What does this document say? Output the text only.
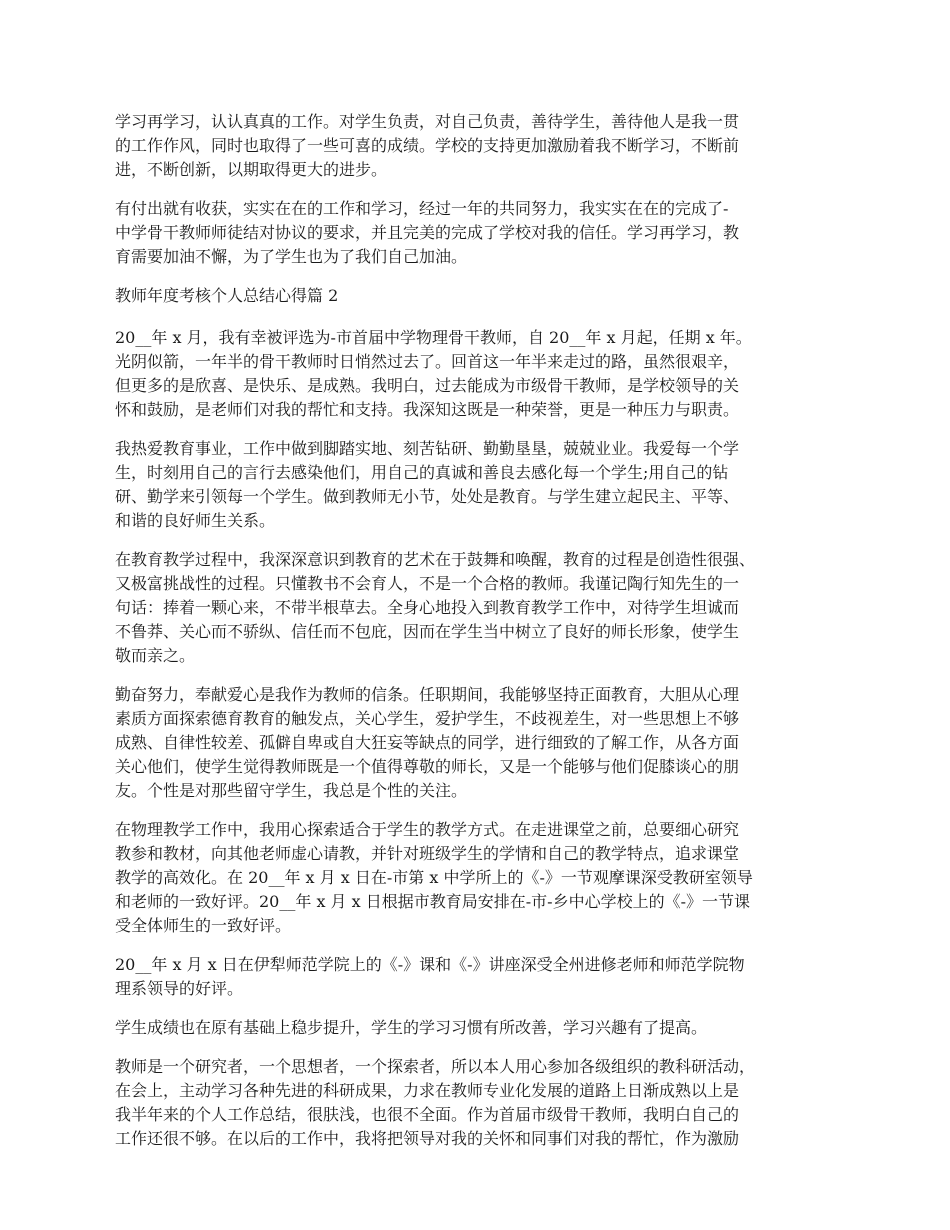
学习再学习，认认真真的工作。对学生负责，对自己负责，善待学生，善待他人是我一贯
的工作作风，同时也取得了一些可喜的成绩。学校的支持更加激励着我不断学习，不断前
进，不断创新，以期取得更大的进步。

有付出就有收获，实实在在的工作和学习，经过一年的共同努力，我实实在在的完成了-
中学骨干教师师徒结对协议的要求，并且完美的完成了学校对我的信任。学习再学习，教
育需要加油不懈，为了学生也为了我们自己加油。

教师年度考核个人总结心得篇 2

20__年 x 月，我有幸被评选为-市首届中学物理骨干教师，自 20__年 x 月起，任期 x 年。
光阴似箭，一年半的骨干教师时日悄然过去了。回首这一年半来走过的路，虽然很艰辛，
但更多的是欣喜、是快乐、是成熟。我明白，过去能成为市级骨干教师，是学校领导的关
怀和鼓励，是老师们对我的帮忙和支持。我深知这既是一种荣誉，更是一种压力与职责。

我热爱教育事业，工作中做到脚踏实地、刻苦钻研、勤勤垦垦，兢兢业业。我爱每一个学
生，时刻用自己的言行去感染他们，用自己的真诚和善良去感化每一个学生;用自己的钻
研、勤学来引领每一个学生。做到教师无小节，处处是教育。与学生建立起民主、平等、
和谐的良好师生关系。

在教育教学过程中，我深深意识到教育的艺术在于鼓舞和唤醒，教育的过程是创造性很强、
又极富挑战性的过程。只懂教书不会育人，不是一个合格的教师。我谨记陶行知先生的一
句话：捧着一颗心来，不带半根草去。全身心地投入到教育教学工作中，对待学生坦诚而
不鲁莽、关心而不骄纵、信任而不包庇，因而在学生当中树立了良好的师长形象，使学生
敬而亲之。

勤奋努力，奉献爱心是我作为教师的信条。任职期间，我能够坚持正面教育，大胆从心理
素质方面探索德育教育的触发点，关心学生，爱护学生，不歧视差生，对一些思想上不够
成熟、自律性较差、孤僻自卑或自大狂妄等缺点的同学，进行细致的了解工作，从各方面
关心他们，使学生觉得教师既是一个值得尊敬的师长，又是一个能够与他们促膝谈心的朋
友。个性是对那些留守学生，我总是个性的关注。

在物理教学工作中，我用心探索适合于学生的教学方式。在走进课堂之前，总要细心研究
教参和教材，向其他老师虚心请教，并针对班级学生的学情和自己的教学特点，追求课堂
教学的高效化。在 20__年 x 月 x 日在-市第 x 中学所上的《-》一节观摩课深受教研室领导
和老师的一致好评。20__年 x 月 x 日根据市教育局安排在-市-乡中心学校上的《-》一节课
受全体师生的一致好评。

20__年 x 月 x 日在伊犁师范学院上的《-》课和《-》讲座深受全州进修老师和师范学院物
理系领导的好评。

学生成绩也在原有基础上稳步提升，学生的学习习惯有所改善，学习兴趣有了提高。

教师是一个研究者，一个思想者，一个探索者，所以本人用心参加各级组织的教科研活动，
在会上，主动学习各种先进的科研成果，力求在教师专业化发展的道路上日渐成熟以上是
我半年来的个人工作总结，很肤浅，也很不全面。作为首届市级骨干教师，我明白自己的
工作还很不够。在以后的工作中，我将把领导对我的关怀和同事们对我的帮忙，作为激励
